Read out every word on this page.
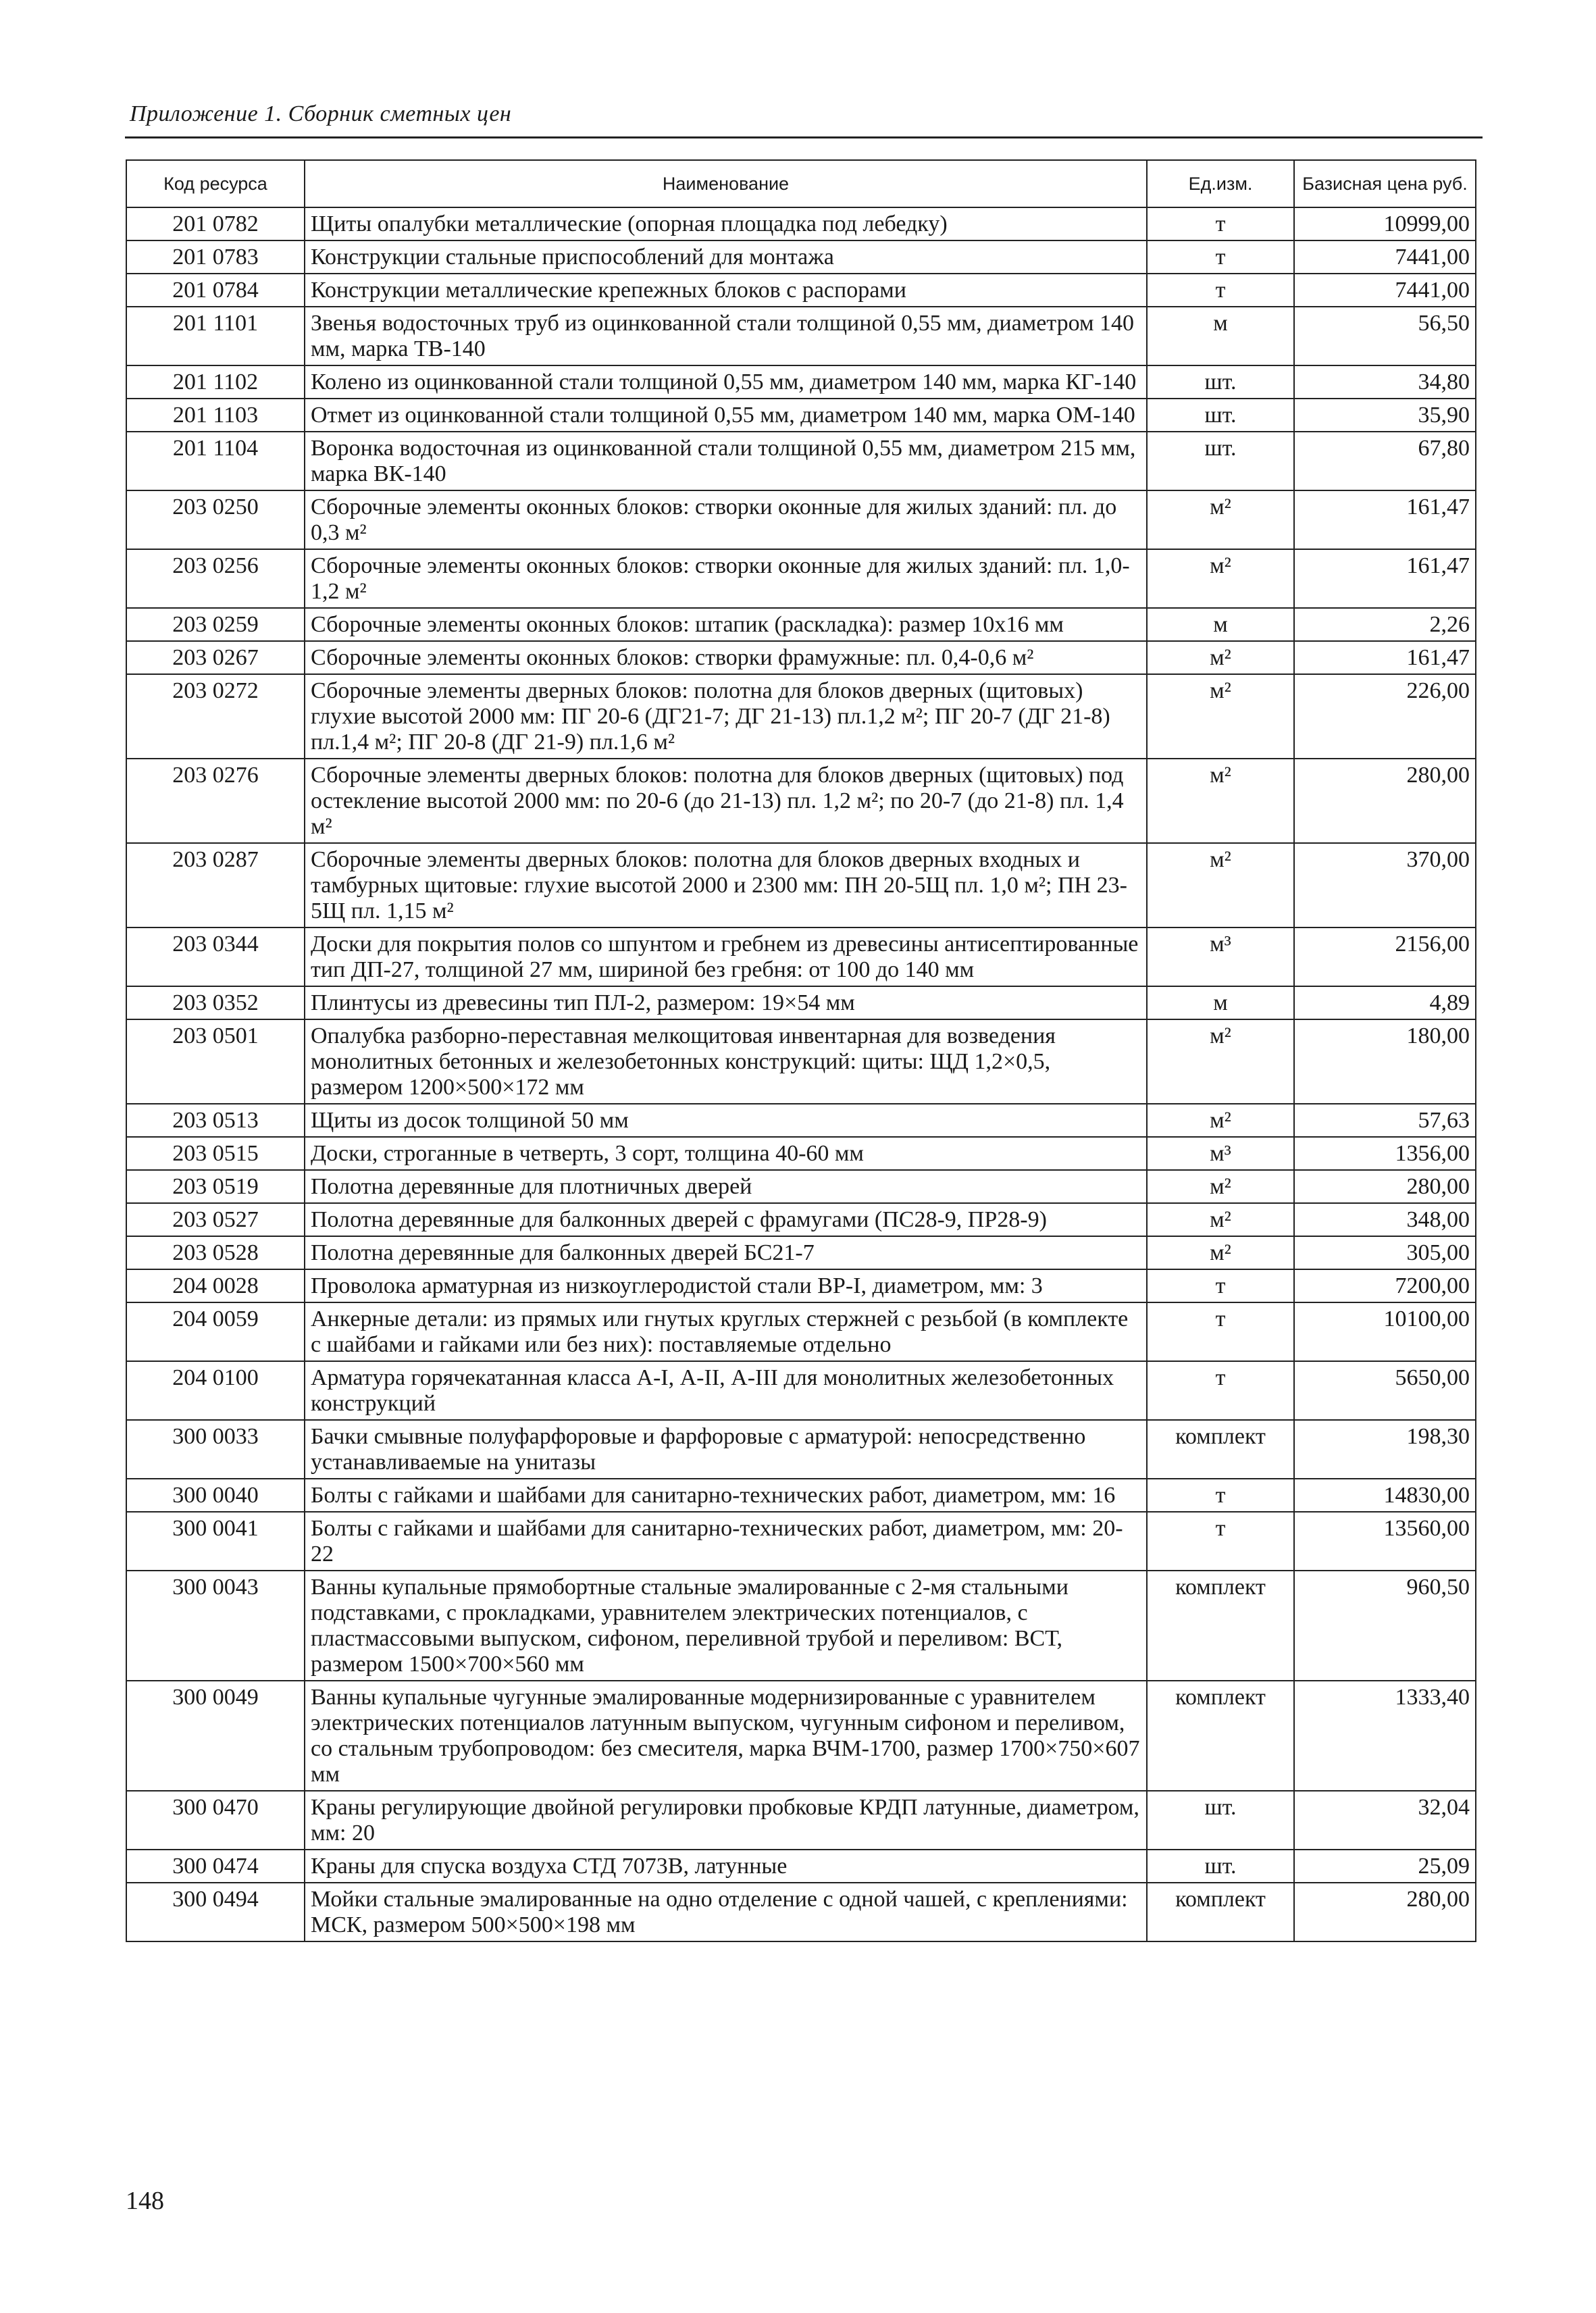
Приложение 1. Сборник сметных цен
Код ресурса	Наименование	Ед.изм.	Базисная цена руб.
201 0782	Щиты опалубки металлические (опорная площадка под лебедку)	т	10999,00
201 0783	Конструкции стальные приспособлений для монтажа	т	7441,00
201 0784	Конструкции металлические крепежных блоков с распорами	т	7441,00
201 1101	Звенья водосточных труб из оцинкованной стали толщиной 0,55 мм, диаметром 140 мм, марка ТВ-140	м	56,50
201 1102	Колено из оцинкованной стали толщиной 0,55 мм, диаметром 140 мм, марка КГ-140	шт.	34,80
201 1103	Отмет из оцинкованной стали толщиной 0,55 мм, диаметром 140 мм, марка ОМ-140	шт.	35,90
201 1104	Воронка водосточная из оцинкованной стали толщиной 0,55 мм, диаметром 215 мм, марка ВК-140	шт.	67,80
203 0250	Сборочные элементы оконных блоков: створки оконные для жилых зданий: пл. до 0,3 м²	м²	161,47
203 0256	Сборочные элементы оконных блоков: створки оконные для жилых зданий: пл. 1,0-1,2 м²	м²	161,47
203 0259	Сборочные элементы оконных блоков: штапик (раскладка): размер 10x16 мм	м	2,26
203 0267	Сборочные элементы оконных блоков: створки фрамужные: пл. 0,4-0,6 м²	м²	161,47
203 0272	Сборочные элементы дверных блоков: полотна для блоков дверных (щитовых) глухие высотой 2000 мм: ПГ 20-6 (ДГ21-7; ДГ 21-13) пл.1,2 м²; ПГ 20-7 (ДГ 21-8) пл.1,4 м²; ПГ 20-8 (ДГ 21-9) пл.1,6 м²	м²	226,00
203 0276	Сборочные элементы дверных блоков: полотна для блоков дверных (щитовых) под остекление высотой 2000 мм: по 20-6 (до 21-13) пл. 1,2 м²; по 20-7 (до 21-8) пл. 1,4 м²	м²	280,00
203 0287	Сборочные элементы дверных блоков: полотна для блоков дверных входных и тамбурных щитовые: глухие высотой 2000 и 2300 мм: ПН 20-5Щ пл. 1,0 м²; ПН 23-5Щ пл. 1,15 м²	м²	370,00
203 0344	Доски для покрытия полов со шпунтом и гребнем из древесины антисептированные тип ДП-27, толщиной 27 мм, шириной без гребня: от 100 до 140 мм	м³	2156,00
203 0352	Плинтусы из древесины тип ПЛ-2, размером: 19×54 мм	м	4,89
203 0501	Опалубка разборно-переставная мелкощитовая инвентарная для возведения монолитных бетонных и железобетонных конструкций: щиты: ЩД 1,2×0,5, размером 1200×500×172 мм	м²	180,00
203 0513	Щиты из досок толщиной 50 мм	м²	57,63
203 0515	Доски, строганные в четверть, 3 сорт, толщина 40-60 мм	м³	1356,00
203 0519	Полотна деревянные для плотничных дверей	м²	280,00
203 0527	Полотна деревянные для балконных дверей с фрамугами (ПС28-9, ПР28-9)	м²	348,00
203 0528	Полотна деревянные для балконных дверей БС21-7	м²	305,00
204 0028	Проволока арматурная из низкоуглеродистой стали ВР-I, диаметром, мм: 3	т	7200,00
204 0059	Анкерные детали: из прямых или гнутых круглых стержней с резьбой (в комплекте с шайбами и гайками или без них): поставляемые отдельно	т	10100,00
204 0100	Арматура горячекатанная класса А-I, А-II, А-III для монолитных железобетонных конструкций	т	5650,00
300 0033	Бачки смывные полуфарфоровые и фарфоровые с арматурой: непосредственно устанавливаемые на унитазы	комплект	198,30
300 0040	Болты с гайками и шайбами для санитарно-технических работ, диаметром, мм: 16	т	14830,00
300 0041	Болты с гайками и шайбами для санитарно-технических работ, диаметром, мм: 20-22	т	13560,00
300 0043	Ванны купальные прямобортные стальные эмалированные с 2-мя стальными подставками, с прокладками, уравнителем электрических потенциалов, с пластмассовыми выпуском, сифоном, переливной трубой и переливом: ВСТ, размером 1500×700×560 мм	комплект	960,50
300 0049	Ванны купальные чугунные эмалированные модернизированные с уравнителем электрических потенциалов латунным выпуском, чугунным сифоном и переливом, со стальным трубопроводом: без смесителя, марка ВЧМ-1700, размер 1700×750×607 мм	комплект	1333,40
300 0470	Краны регулирующие двойной регулировки пробковые КРДП латунные, диаметром, мм: 20	шт.	32,04
300 0474	Краны для спуска воздуха СТД 7073В, латунные	шт.	25,09
300 0494	Мойки стальные эмалированные на одно отделение с одной чашей, с креплениями: МСК, размером 500×500×198 мм	комплект	280,00
148
